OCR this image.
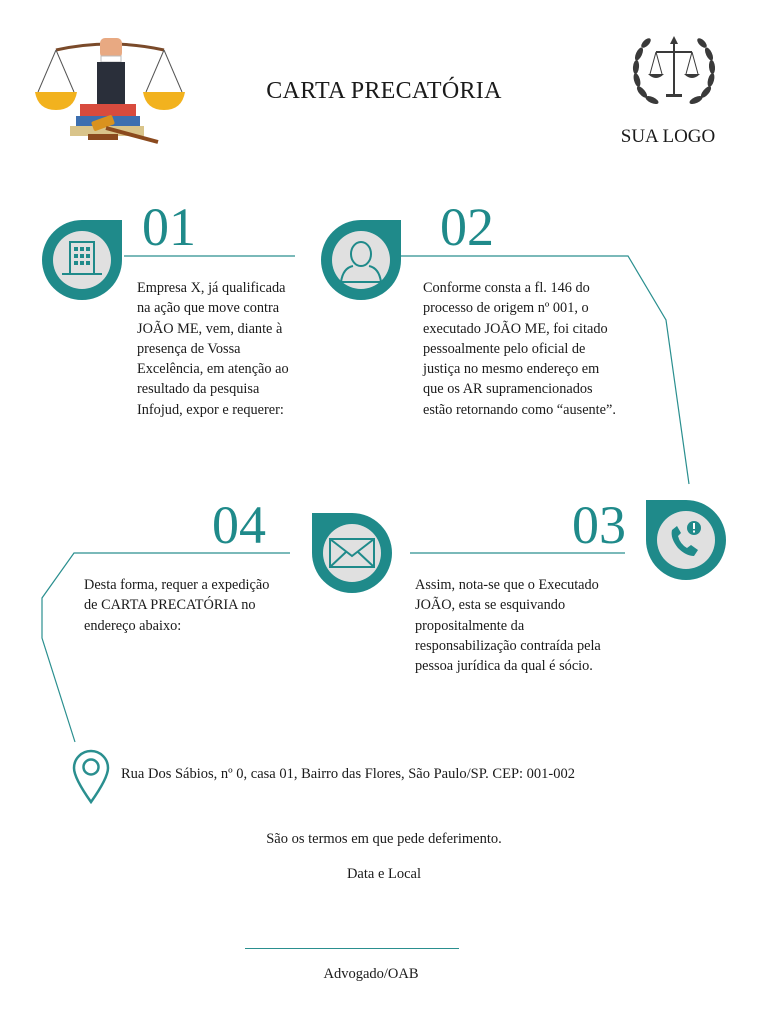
CARTA PRECATÓRIA
SUA LOGO
01
Empresa X, já qualificada
na ação que move contra
JOÃO ME, vem, diante à
presença de Vossa
Excelência, em atenção ao
resultado da pesquisa
Infojud, expor e requerer:
02
Conforme consta a fl. 146 do
processo de origem nº 001, o
executado JOÃO ME, foi citado
pessoalmente pelo oficial de
justiça no mesmo endereço em
que os AR supramencionados
estão retornando como “ausente”.
03
Assim, nota-se que o Executado
JOÃO, esta se esquivando
propositalmente da
responsabilização contraída pela
pessoa jurídica da qual é sócio.
04
Desta forma, requer a expedição
de CARTA PRECATÓRIA no
endereço abaixo:
Rua Dos Sábios, nº 0, casa 01, Bairro das Flores, São Paulo/SP. CEP: 001-002
São os termos em que pede deferimento.
Data e Local
Advogado/OAB
